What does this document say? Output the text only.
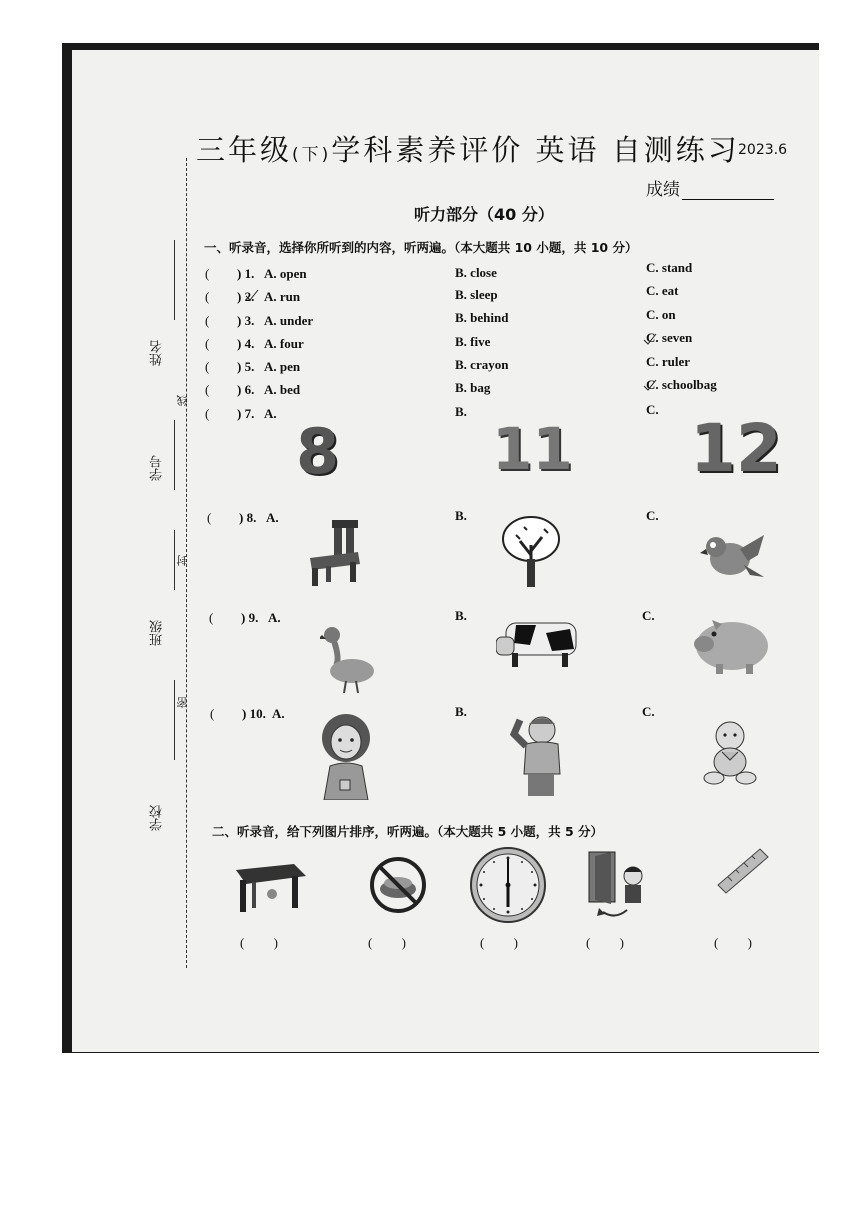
三年级(下)学科素养评价 英语 自测练习
2023.6
成绩
听力部分（40 分）
姓名
学号
班级
学校
线
封
密
一、听录音，选择你所听到的内容，听两遍。（本大题共 10 小题，共 10 分）
( ) 1. A. open	B. close	C. stand
( ) 2. A. run	B. sleep	C. eat
( ) 3. A. under	B. behind	C. on
( ) 4. A. four	B. five	C. seven
( ) 5. A. pen	B. crayon	C. ruler
( ) 6. A. bed	B. bag	C. schoolbag
( ) 7. A.	B.	C.
8	11 12
( ) 8. A.	B.	C.
( ) 9. A.	B.	C.
( ) 10. A.	B.	C.
二、听录音，给下列图片排序，听两遍。（本大题共 5 小题，共 5 分）
( )	( )	( )	( )	( )
